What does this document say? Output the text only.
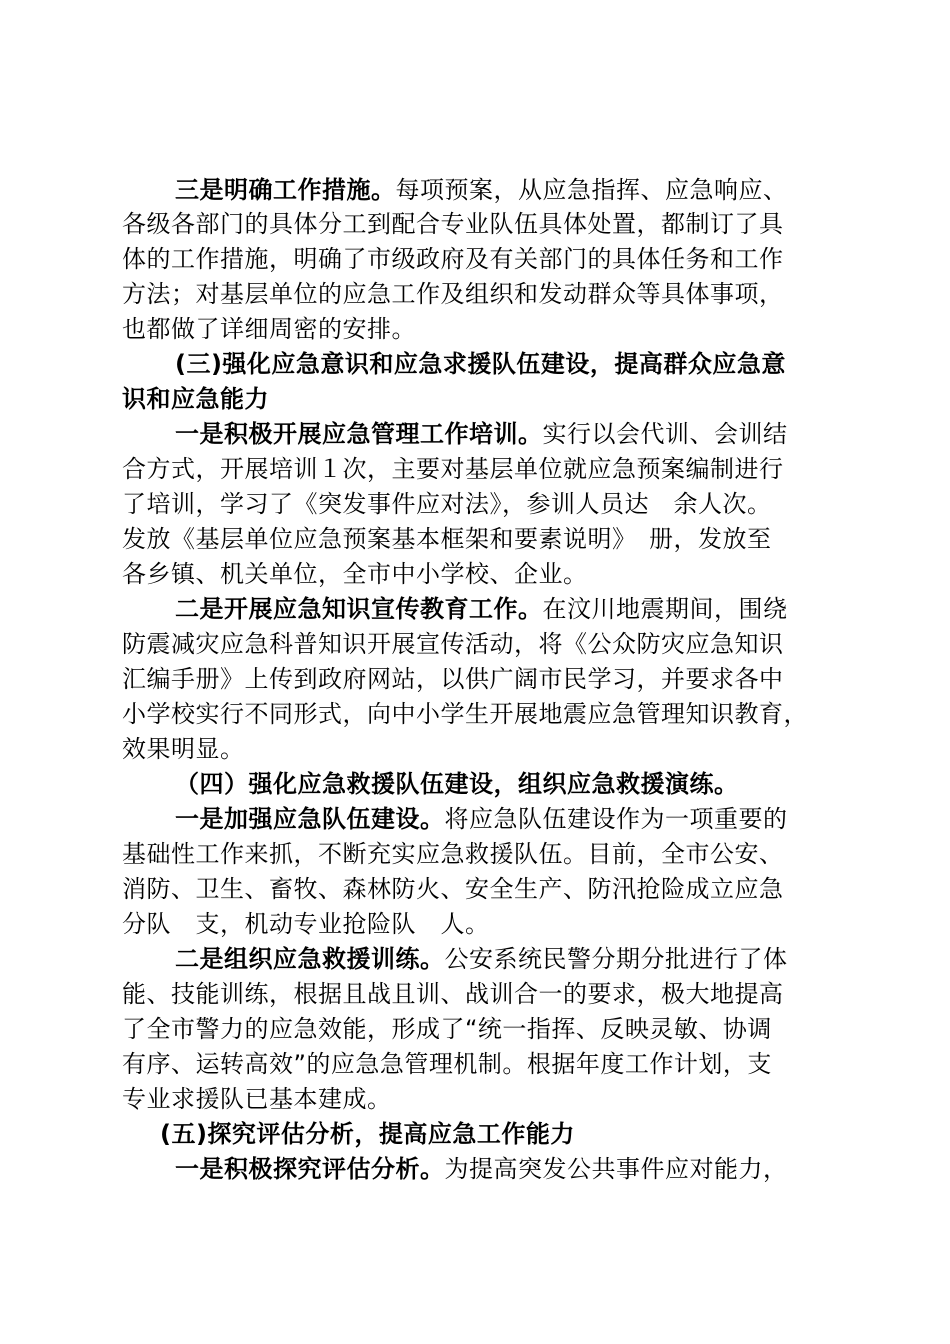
三是明确工作措施。每项预案，从应急指挥、应急响应、
各级各部门的具体分工到配合专业队伍具体处置，都制订了具
体的工作措施，明确了市级政府及有关部门的具体任务和工作
方法；对基层单位的应急工作及组织和发动群众等具体事项，
也都做了详细周密的安排。
(三)强化应急意识和应急求援队伍建设，提高群众应急意
识和应急能力
一是积极开展应急管理工作培训。实行以会代训、会训结
合方式，开展培训１次，主要对基层单位就应急预案编制进行
了培训，学习了《突发事件应对法》，参训人员达　余人次。
发放《基层单位应急预案基本框架和要素说明》　册，发放至
各乡镇、机关单位，全市中小学校、企业。
二是开展应急知识宣传教育工作。在汶川地震期间，围绕
防震减灾应急科普知识开展宣传活动，将《公众防灾应急知识
汇编手册》上传到政府网站，以供广阔市民学习，并要求各中
小学校实行不同形式，向中小学生开展地震应急管理知识教育，
效果明显。
（四）强化应急救援队伍建设，组织应急救援演练。
一是加强应急队伍建设。将应急队伍建设作为一项重要的
基础性工作来抓，不断充实应急救援队伍。目前，全市公安、
消防、卫生、畜牧、森林防火、安全生产、防汛抢险成立应急
分队　支，机动专业抢险队　人。
二是组织应急救援训练。公安系统民警分期分批进行了体
能、技能训练，根据且战且训、战训合一的要求，极大地提高
了全市警力的应急效能，形成了“统一指挥、反映灵敏、协调
有序、运转高效”的应急急管理机制。根据年度工作计划，支
专业求援队已基本建成。
(五)探究评估分析，提高应急工作能力
一是积极探究评估分析。为提高突发公共事件应对能力，
